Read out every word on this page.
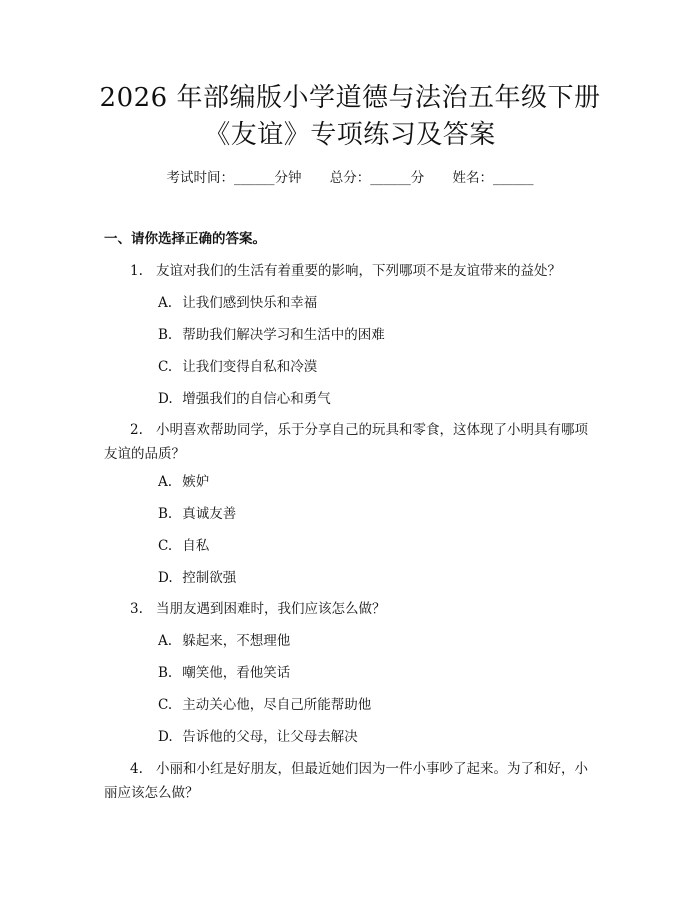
2026 年部编版小学道德与法治五年级下册
《友谊》专项练习及答案
考试时间：______分钟 总分：______分 姓名：______
一、请你选择正确的答案。
1. 友谊对我们的生活有着重要的影响，下列哪项不是友谊带来的益处？
A. 让我们感到快乐和幸福
B. 帮助我们解决学习和生活中的困难
C. 让我们变得自私和冷漠
D. 增强我们的自信心和勇气
2. 小明喜欢帮助同学，乐于分享自己的玩具和零食，这体现了小明具有哪项
友谊的品质？
A. 嫉妒
B. 真诚友善
C. 自私
D. 控制欲强
3. 当朋友遇到困难时，我们应该怎么做？
A. 躲起来，不想理他
B. 嘲笑他，看他笑话
C. 主动关心他，尽自己所能帮助他
D. 告诉他的父母，让父母去解决
4. 小丽和小红是好朋友，但最近她们因为一件小事吵了起来。为了和好，小
丽应该怎么做？
